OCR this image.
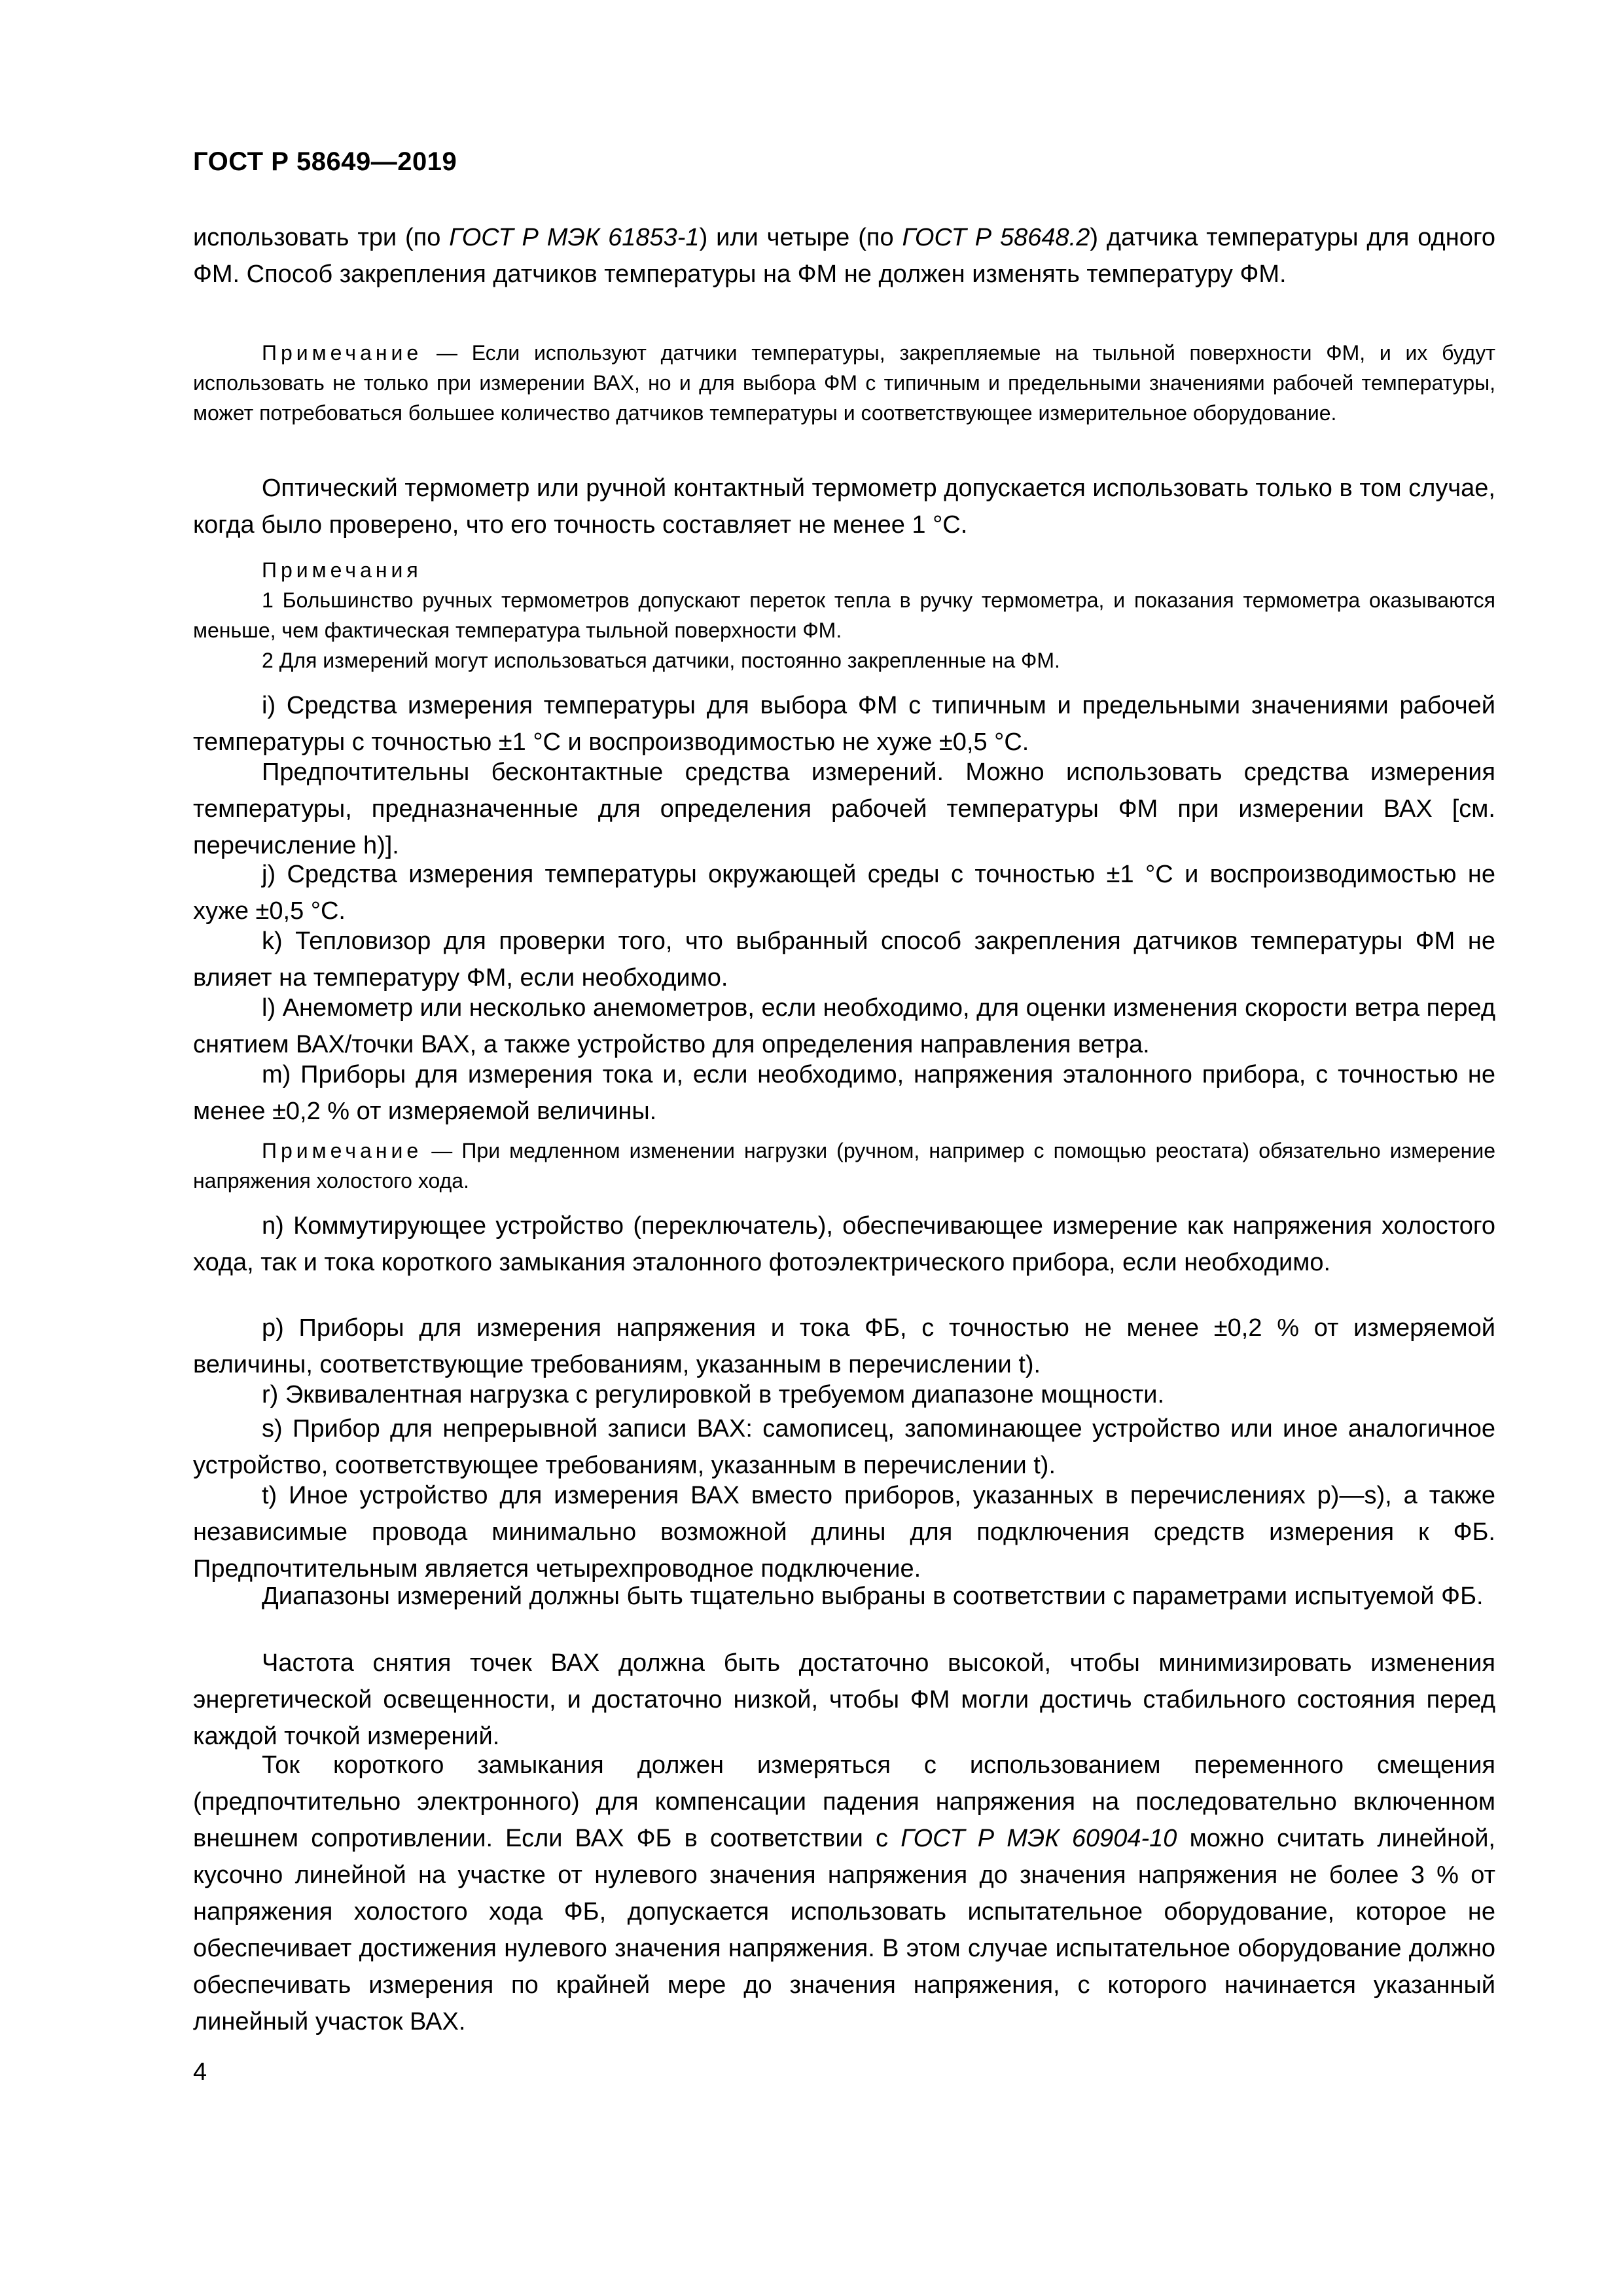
ГОСТ Р 58649—2019
использовать три (по ГОСТ Р МЭК 61853-1) или четыре (по ГОСТ Р 58648.2) датчика температуры для одного ФМ. Способ закрепления датчиков температуры на ФМ не должен изменять температуру ФМ.
Примечание — Если используют датчики температуры, закрепляемые на тыльной поверхности ФМ, и их будут использовать не только при измерении ВАХ, но и для выбора ФМ с типичным и предельными значениями рабочей температуры, может потребоваться большее количество датчиков температуры и соответствующее измерительное оборудование.
Оптический термометр или ручной контактный термометр допускается использовать только в том случае, когда было проверено, что его точность составляет не менее 1 °С.
Примечания
1 Большинство ручных термометров допускают переток тепла в ручку термометра, и показания термометра оказываются меньше, чем фактическая температура тыльной поверхности ФМ.
2 Для измерений могут использоваться датчики, постоянно закрепленные на ФМ.
i) Средства измерения температуры для выбора ФМ с типичным и предельными значениями рабочей температуры с точностью ±1 °С и воспроизводимостью не хуже ±0,5 °С.
Предпочтительны бесконтактные средства измерений. Можно использовать средства измерения температуры, предназначенные для определения рабочей температуры ФМ при измерении ВАХ [см. перечисление h)].
j) Средства измерения температуры окружающей среды с точностью ±1 °С и воспроизводимостью не хуже ±0,5 °С.
k) Тепловизор для проверки того, что выбранный способ закрепления датчиков температуры ФМ не влияет на температуру ФМ, если необходимо.
l) Анемометр или несколько анемометров, если необходимо, для оценки изменения скорости ветра перед снятием ВАХ/точки ВАХ, а также устройство для определения направления ветра.
m) Приборы для измерения тока и, если необходимо, напряжения эталонного прибора, с точностью не менее ±0,2 % от измеряемой величины.
Примечание — При медленном изменении нагрузки (ручном, например с помощью реостата) обязательно измерение напряжения холостого хода.
n) Коммутирующее устройство (переключатель), обеспечивающее измерение как напряжения холостого хода, так и тока короткого замыкания эталонного фотоэлектрического прибора, если необходимо.
p) Приборы для измерения напряжения и тока ФБ, с точностью не менее ±0,2 % от измеряемой величины, соответствующие требованиям, указанным в перечислении t).
r) Эквивалентная нагрузка с регулировкой в требуемом диапазоне мощности.
s) Прибор для непрерывной записи ВАХ: самописец, запоминающее устройство или иное аналогичное устройство, соответствующее требованиям, указанным в перечислении t).
t) Иное устройство для измерения ВАХ вместо приборов, указанных в перечислениях p)—s), а также независимые провода минимально возможной длины для подключения средств измерения к ФБ. Предпочтительным является четырехпроводное подключение.
Диапазоны измерений должны быть тщательно выбраны в соответствии с параметрами испытуемой ФБ.
Частота снятия точек ВАХ должна быть достаточно высокой, чтобы минимизировать изменения энергетической освещенности, и достаточно низкой, чтобы ФМ могли достичь стабильного состояния перед каждой точкой измерений.
Ток короткого замыкания должен измеряться с использованием переменного смещения (предпочтительно электронного) для компенсации падения напряжения на последовательно включенном внешнем сопротивлении. Если ВАХ ФБ в соответствии с ГОСТ Р МЭК 60904-10 можно считать линейной, кусочно линейной на участке от нулевого значения напряжения до значения напряжения не более 3 % от напряжения холостого хода ФБ, допускается использовать испытательное оборудование, которое не обеспечивает достижения нулевого значения напряжения. В этом случае испытательное оборудование должно обеспечивать измерения по крайней мере до значения напряжения, с которого начинается указанный линейный участок ВАХ.
4
